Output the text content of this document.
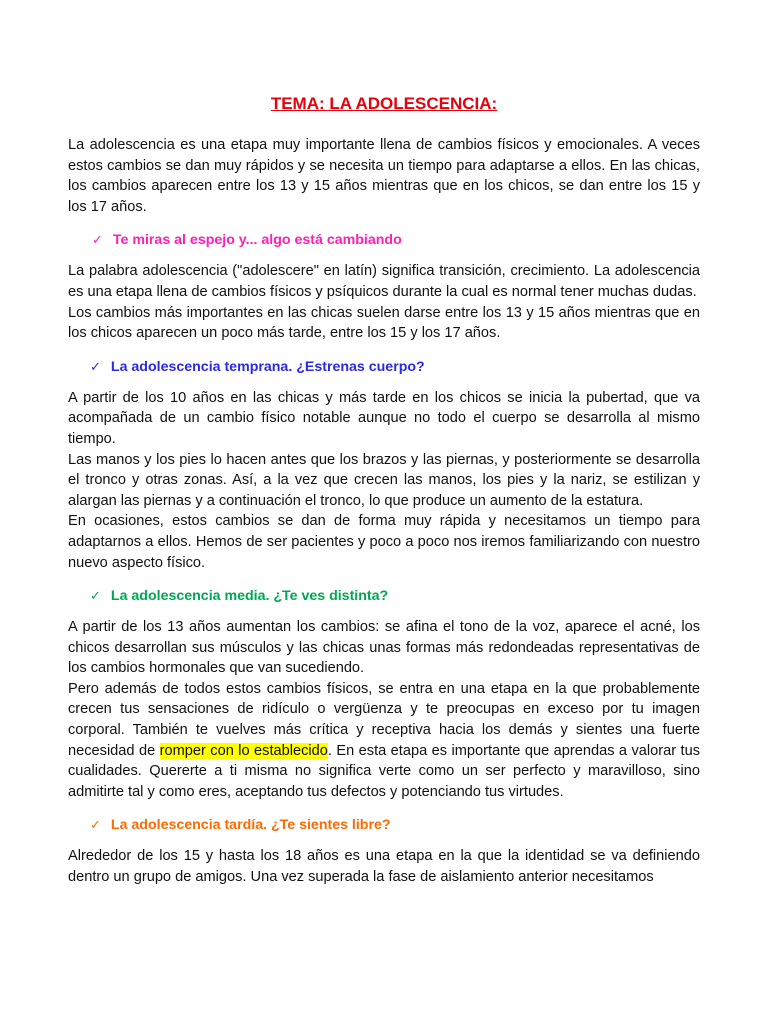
TEMA: LA ADOLESCENCIA:

La adolescencia es una etapa muy importante llena de cambios físicos y emocionales. A veces estos cambios se dan muy rápidos y se necesita un tiempo para adaptarse a ellos. En las chicas, los cambios aparecen entre los 13 y 15 años mientras que en los chicos, se dan entre los 15 y los 17 años.

✓ Te miras al espejo y... algo está cambiando

La palabra adolescencia ("adolescere" en latín) significa transición, crecimiento. La adolescencia es una etapa llena de cambios físicos y psíquicos durante la cual es normal tener muchas dudas.

Los cambios más importantes en las chicas suelen darse entre los 13 y 15 años mientras que en los chicos aparecen un poco más tarde, entre los 15 y los 17 años.

✓ La adolescencia temprana. ¿Estrenas cuerpo?

A partir de los 10 años en las chicas y más tarde en los chicos se inicia la pubertad, que va acompañada de un cambio físico notable aunque no todo el cuerpo se desarrolla al mismo tiempo.

Las manos y los pies lo hacen antes que los brazos y las piernas, y posteriormente se desarrolla el tronco y otras zonas. Así, a la vez que crecen las manos, los pies y la nariz, se estilizan y alargan las piernas y a continuación el tronco, lo que produce un aumento de la estatura.

En ocasiones, estos cambios se dan de forma muy rápida y necesitamos un tiempo para adaptarnos a ellos. Hemos de ser pacientes y poco a poco nos iremos familiarizando con nuestro nuevo aspecto físico.

✓ La adolescencia media. ¿Te ves distinta?

A partir de los 13 años aumentan los cambios: se afina el tono de la voz, aparece el acné, los chicos desarrollan sus músculos y las chicas unas formas más redondeadas representativas de los cambios hormonales que van sucediendo.

Pero además de todos estos cambios físicos, se entra en una etapa en la que probablemente crecen tus sensaciones de ridículo o vergüenza y te preocupas en exceso por tu imagen corporal. También te vuelves más crítica y receptiva hacia los demás y sientes una fuerte necesidad de romper con lo establecido. En esta etapa es importante que aprendas a valorar tus cualidades. Quererte a ti misma no significa verte como un ser perfecto y maravilloso, sino admitirte tal y como eres, aceptando tus defectos y potenciando tus virtudes.

✓ La adolescencia tardía. ¿Te sientes libre?

Alrededor de los 15 y hasta los 18 años es una etapa en la que la identidad se va definiendo dentro un grupo de amigos. Una vez superada la fase de aislamiento anterior necesitamos
